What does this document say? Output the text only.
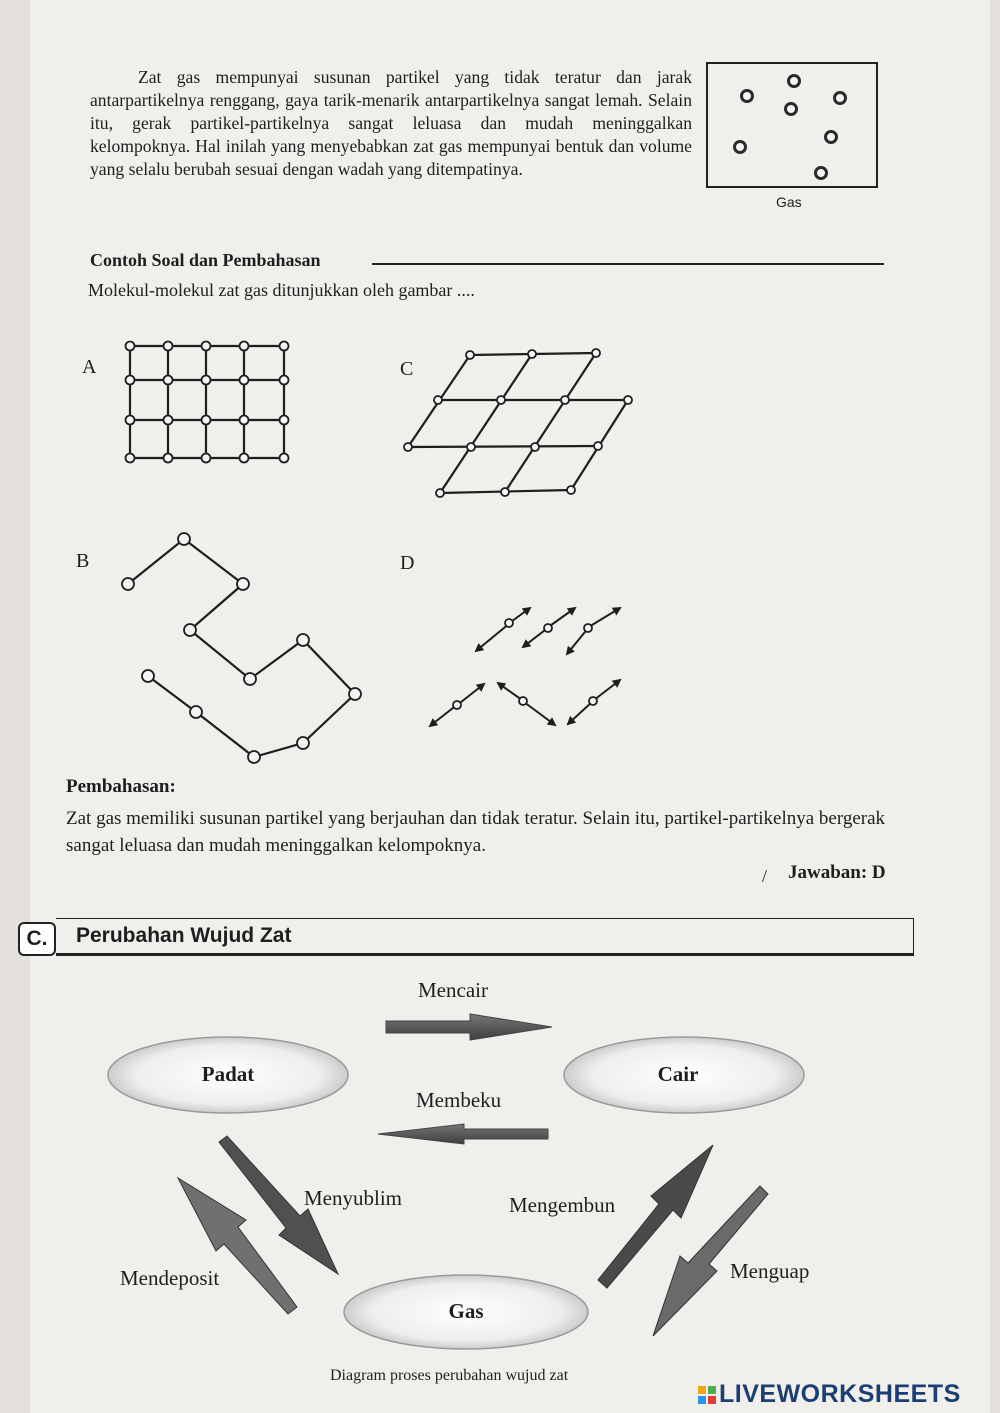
Zat gas mempunyai susunan partikel yang tidak teratur dan jarak antarpartikelnya renggang, gaya tarik-menarik antarpartikelnya sangat lemah. Selain itu, gerak partikel-partikelnya sangat leluasa dan mudah meninggalkan kelompoknya. Hal inilah yang menyebabkan zat gas mempunyai bentuk dan volume yang selalu berubah sesuai dengan wadah yang ditempatinya.

Gas
Contoh Soal dan Pembahasan
Molekul-molekul zat gas ditunjukkan oleh gambar ....
A	C
B	D
Pembahasan:

Zat gas memiliki susunan partikel yang berjauhan dan tidak teratur. Selain itu, partikel-partikelnya bergerak sangat leluasa dan mudah meninggalkan kelompoknya.

/ Jawaban: D
C.	Perubahan Wujud Zat
Padat	Cair
Gas
Mencair
Membeku
Menyublim	Mengembun
Mendeposit	Menguap
Diagram proses perubahan wujud zat
LIVEWORKSHEETS
